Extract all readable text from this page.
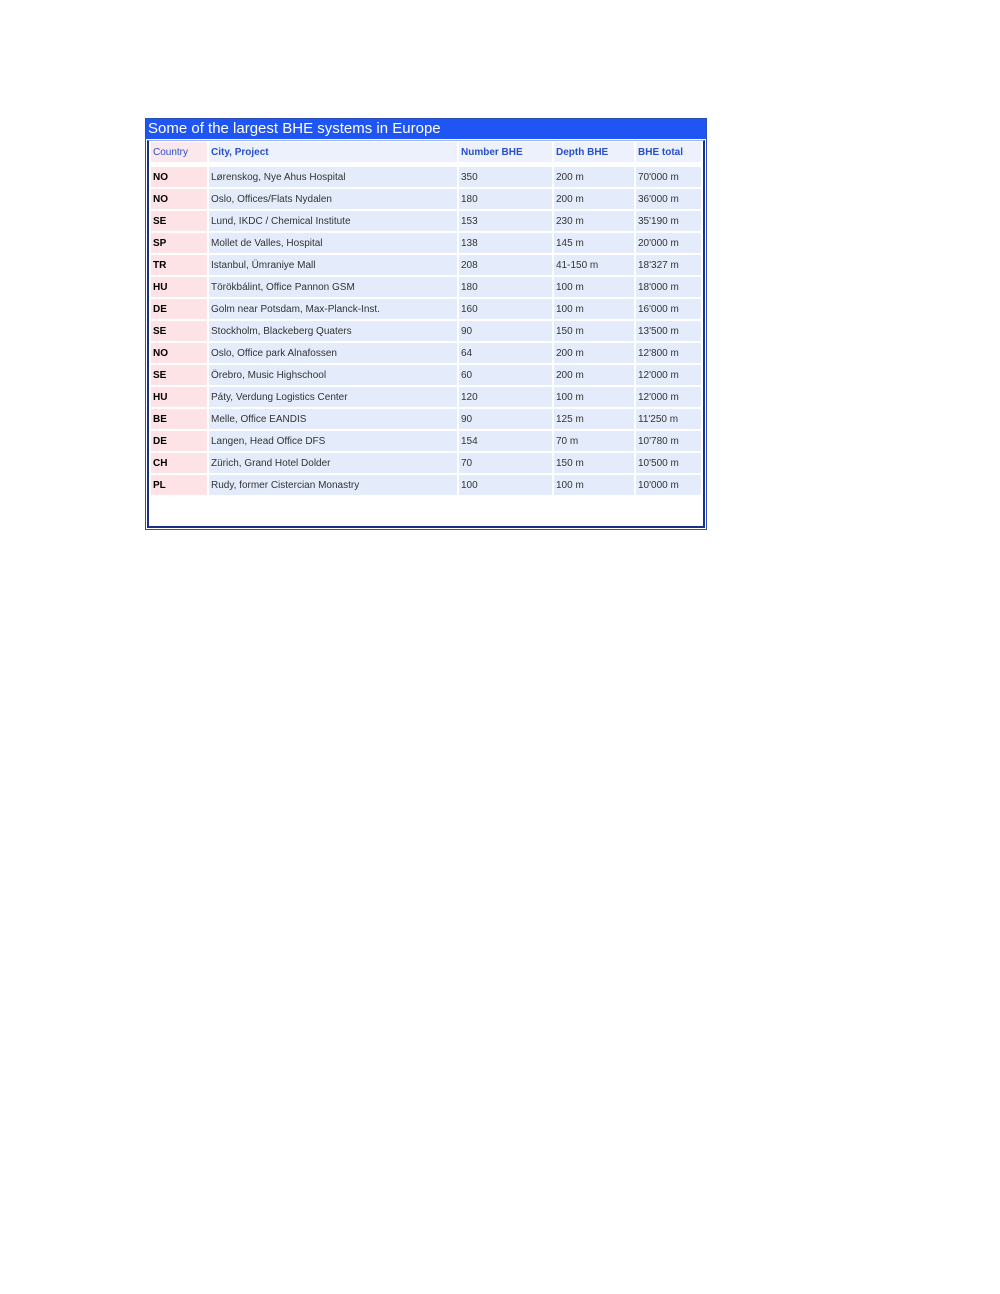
Some of the largest BHE systems in Europe
Country	City, Project	Number BHE	Depth BHE	BHE total

NO	Lørenskog, Nye Ahus Hospital	350	200 m	70'000 m
NO	Oslo, Offices/Flats Nydalen	180	200 m	36'000 m
SE	Lund, IKDC / Chemical Institute	153	230 m	35'190 m
SP	Mollet de Valles, Hospital	138	145 m	20'000 m
TR	Istanbul, Ümraniye Mall	208	41-150 m	18'327 m
HU	Törökbálint, Office Pannon GSM	180	100 m	18'000 m
DE	Golm near Potsdam, Max-Planck-Inst.	160	100 m	16'000 m
SE	Stockholm, Blackeberg Quaters	90	150 m	13'500 m
NO	Oslo, Office park Alnafossen	64	200 m	12'800 m
SE	Örebro, Music Highschool	60	200 m	12'000 m
HU	Páty, Verdung Logistics Center	120	100 m	12'000 m
BE	Melle, Office EANDIS	90	125 m	11'250 m
DE	Langen, Head Office DFS	154	70 m	10'780 m
CH	Zürich, Grand Hotel Dolder	70	150 m	10'500 m
PL	Rudy, former Cistercian Monastry	100	100 m	10'000 m
